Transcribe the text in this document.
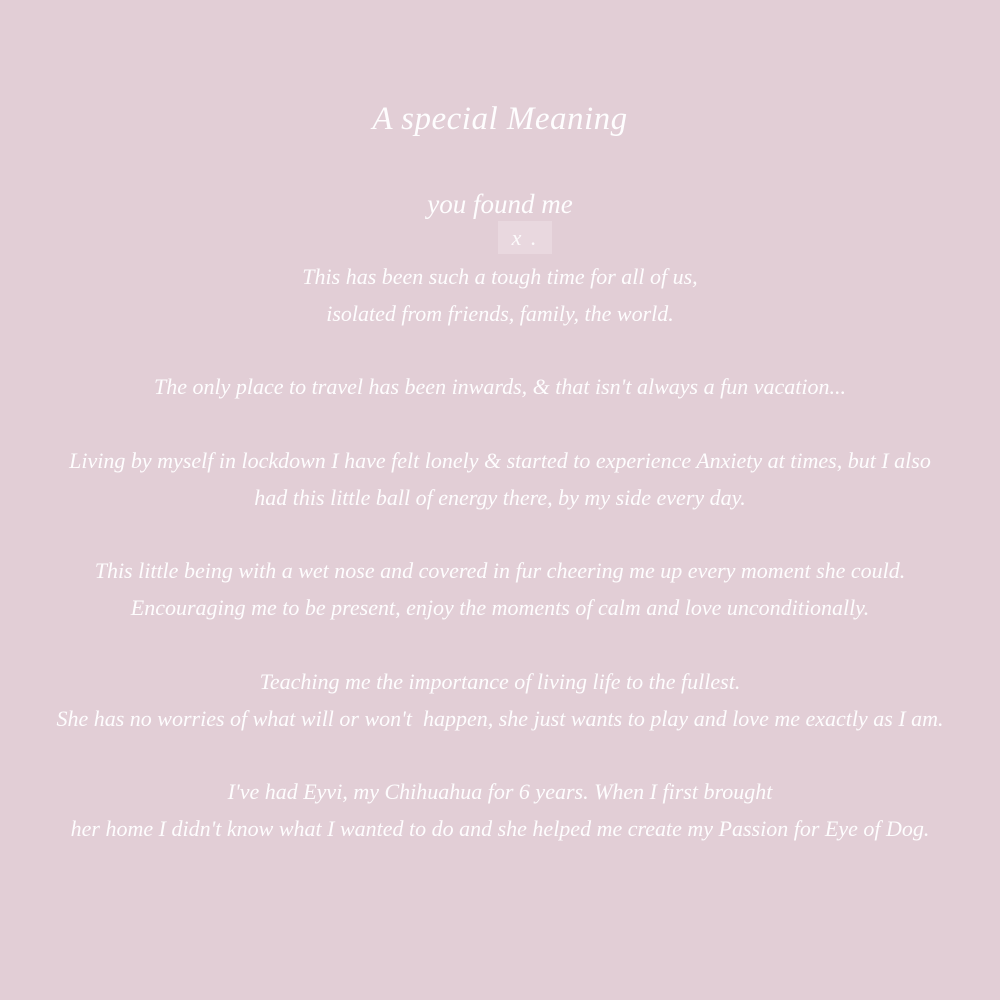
A special Meaning
you found me
x .

This has been such a tough time for all of us,
isolated from friends, family, the world.

The only place to travel has been inwards, & that isn't always a fun vacation...

Living by myself in lockdown I have felt lonely & started to experience Anxiety at times, but I also
had this little ball of energy there, by my side every day.

This little being with a wet nose and covered in fur cheering me up every moment she could.
Encouraging me to be present, enjoy the moments of calm and love unconditionally.

Teaching me the importance of living life to the fullest.
She has no worries of what will or won't  happen, she just wants to play and love me exactly as I am.

I've had Eyvi, my Chihuahua for 6 years. When I first brought
her home I didn't know what I wanted to do and she helped me create my Passion for Eye of Dog.
